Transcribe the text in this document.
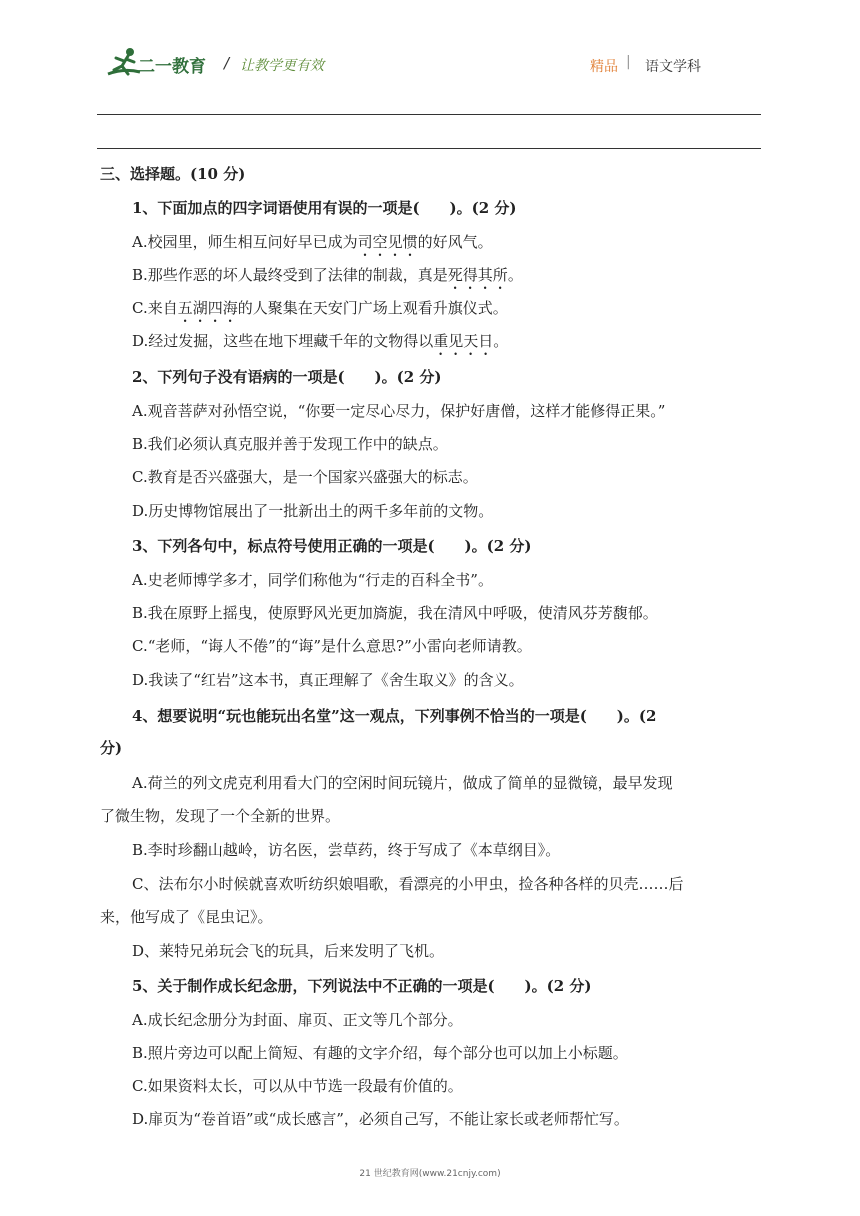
二一教育 / 让教学更有效	精品 | 语文学科
三、选择题。(10 分)
1、下面加点的四字词语使用有误的一项是(　　)。(2 分)
A.校园里，师生相互问好早已成为司空见惯的好风气。
B.那些作恶的坏人最终受到了法律的制裁，真是死得其所。
C.来自五湖四海的人聚集在天安门广场上观看升旗仪式。
D.经过发掘，这些在地下埋藏千年的文物得以重见天日。
2、下列句子没有语病的一项是(　　)。(2 分)
A.观音菩萨对孙悟空说，“你要一定尽心尽力，保护好唐僧，这样才能修得正果。”
B.我们必须认真克服并善于发现工作中的缺点。
C.教育是否兴盛强大，是一个国家兴盛强大的标志。
D.历史博物馆展出了一批新出土的两千多年前的文物。
3、下列各句中，标点符号使用正确的一项是(　　)。(2 分)
A.史老师博学多才，同学们称他为“行走的百科全书”。
B.我在原野上摇曳，使原野风光更加旖旎，我在清风中呼吸，使清风芬芳馥郁。
C.“老师，“诲人不倦”的“诲”是什么意思?”小雷向老师请教。
D.我读了“红岩”这本书，真正理解了《舍生取义》的含义。
4、想要说明“玩也能玩出名堂”这一观点，下列事例不恰当的一项是(　　)。(2
分)
A.荷兰的列文虎克利用看大门的空闲时间玩镜片，做成了简单的显微镜，最早发现
了微生物，发现了一个全新的世界。
B.李时珍翻山越岭，访名医，尝草药，终于写成了《本草纲目》。
C、法布尔小时候就喜欢听纺织娘唱歌，看漂亮的小甲虫，捡各种各样的贝壳……后
来，他写成了《昆虫记》。
D、莱特兄弟玩会飞的玩具，后来发明了飞机。
5、关于制作成长纪念册，下列说法中不正确的一项是(　　)。(2 分)
A.成长纪念册分为封面、扉页、正文等几个部分。
B.照片旁边可以配上简短、有趣的文字介绍，每个部分也可以加上小标题。
C.如果资料太长，可以从中节选一段最有价值的。
D.扉页为“卷首语”或“成长感言”，必须自己写，不能让家长或老师帮忙写。
21 世纪教育网(www.21cnjy.com)
